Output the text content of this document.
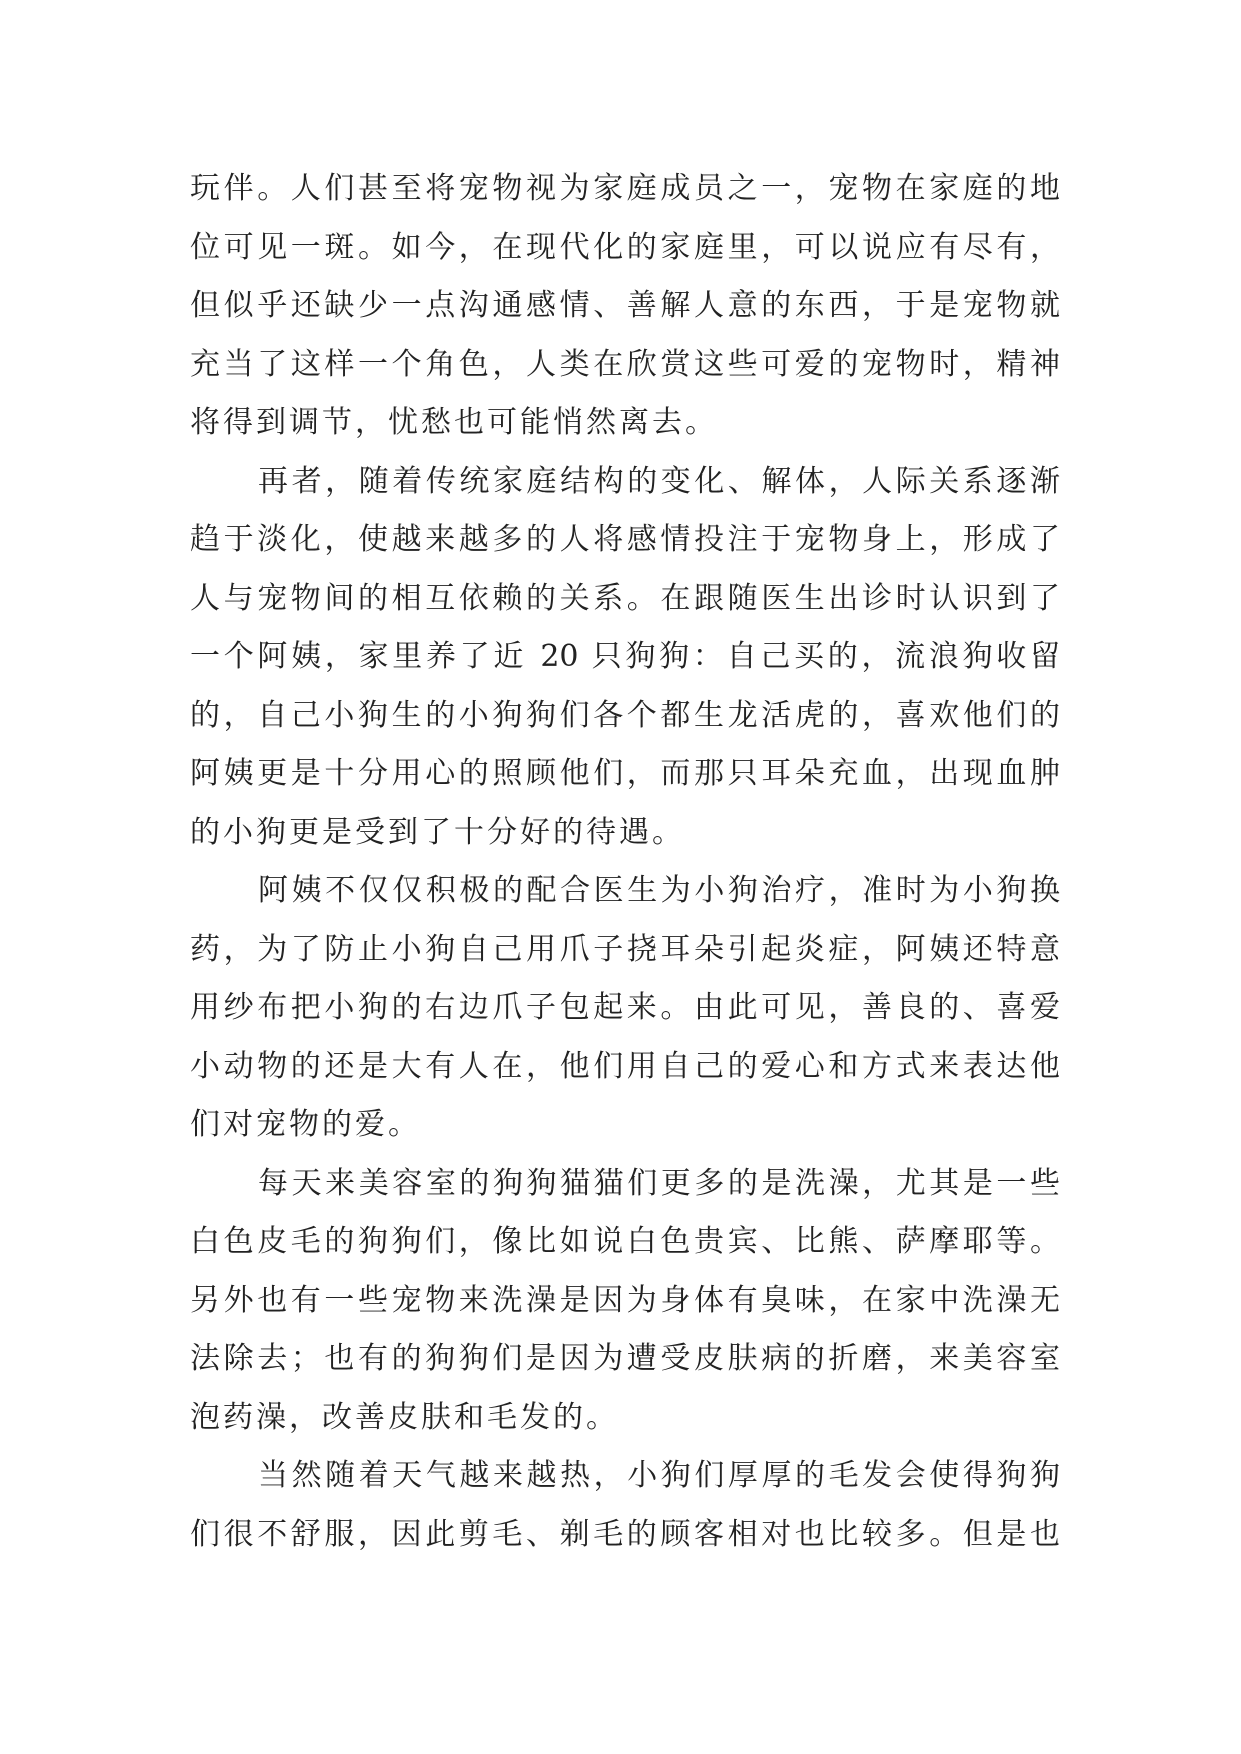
玩伴。人们甚至将宠物视为家庭成员之一，宠物在家庭的地
位可见一斑。如今，在现代化的家庭里，可以说应有尽有，
但似乎还缺少一点沟通感情、善解人意的东西，于是宠物就
充当了这样一个角色，人类在欣赏这些可爱的宠物时，精神
将得到调节，忧愁也可能悄然离去。
再者，随着传统家庭结构的变化、解体，人际关系逐渐
趋于淡化，使越来越多的人将感情投注于宠物身上，形成了
人与宠物间的相互依赖的关系。在跟随医生出诊时认识到了
一个阿姨，家里养了近 20 只狗狗：自己买的，流浪狗收留
的，自己小狗生的小狗狗们各个都生龙活虎的，喜欢他们的
阿姨更是十分用心的照顾他们，而那只耳朵充血，出现血肿
的小狗更是受到了十分好的待遇。
阿姨不仅仅积极的配合医生为小狗治疗，准时为小狗换
药，为了防止小狗自己用爪子挠耳朵引起炎症，阿姨还特意
用纱布把小狗的右边爪子包起来。由此可见，善良的、喜爱
小动物的还是大有人在，他们用自己的爱心和方式来表达他
们对宠物的爱。
每天来美容室的狗狗猫猫们更多的是洗澡，尤其是一些
白色皮毛的狗狗们，像比如说白色贵宾、比熊、萨摩耶等。
另外也有一些宠物来洗澡是因为身体有臭味，在家中洗澡无
法除去；也有的狗狗们是因为遭受皮肤病的折磨，来美容室
泡药澡，改善皮肤和毛发的。
当然随着天气越来越热，小狗们厚厚的毛发会使得狗狗
们很不舒服，因此剪毛、剃毛的顾客相对也比较多。但是也
